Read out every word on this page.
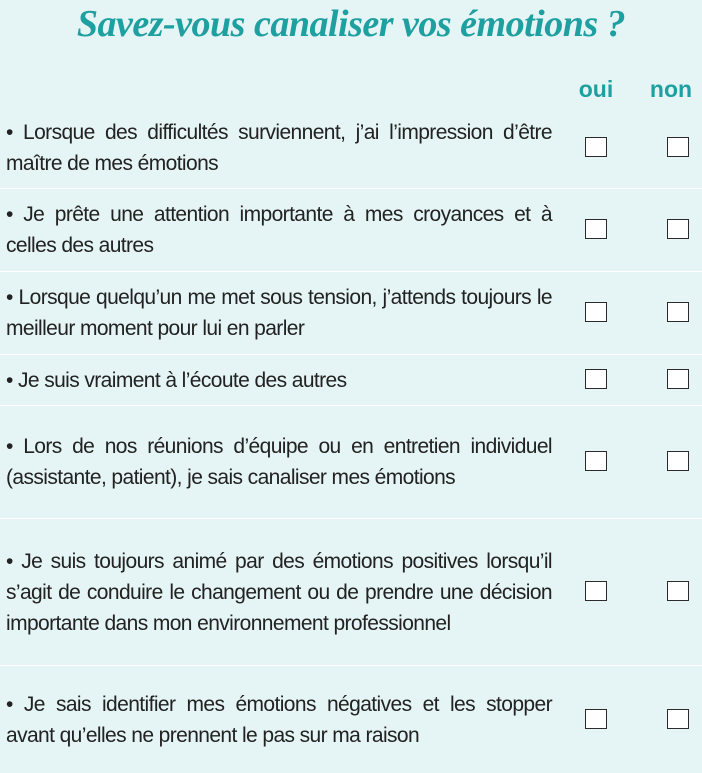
Savez-vous canaliser vos émotions ?
oui	non
• Lorsque des difficultés surviennent, j’ai l’impression d’être maître de mes émotions
• Je prête une attention importante à mes croyances et à celles des autres
• Lorsque quelqu’un me met sous tension, j’attends toujours le meilleur moment pour lui en parler
• Je suis vraiment à l’écoute des autres
• Lors de nos réunions d’équipe ou en entretien individuel (assistante, patient), je sais canaliser mes émotions
• Je suis toujours animé par des émotions positives lorsqu’il s’agit de conduire le changement ou de prendre une décision importante dans mon environnement professionnel
• Je sais identifier mes émotions négatives et les stopper avant qu’elles ne prennent le pas sur ma raison
